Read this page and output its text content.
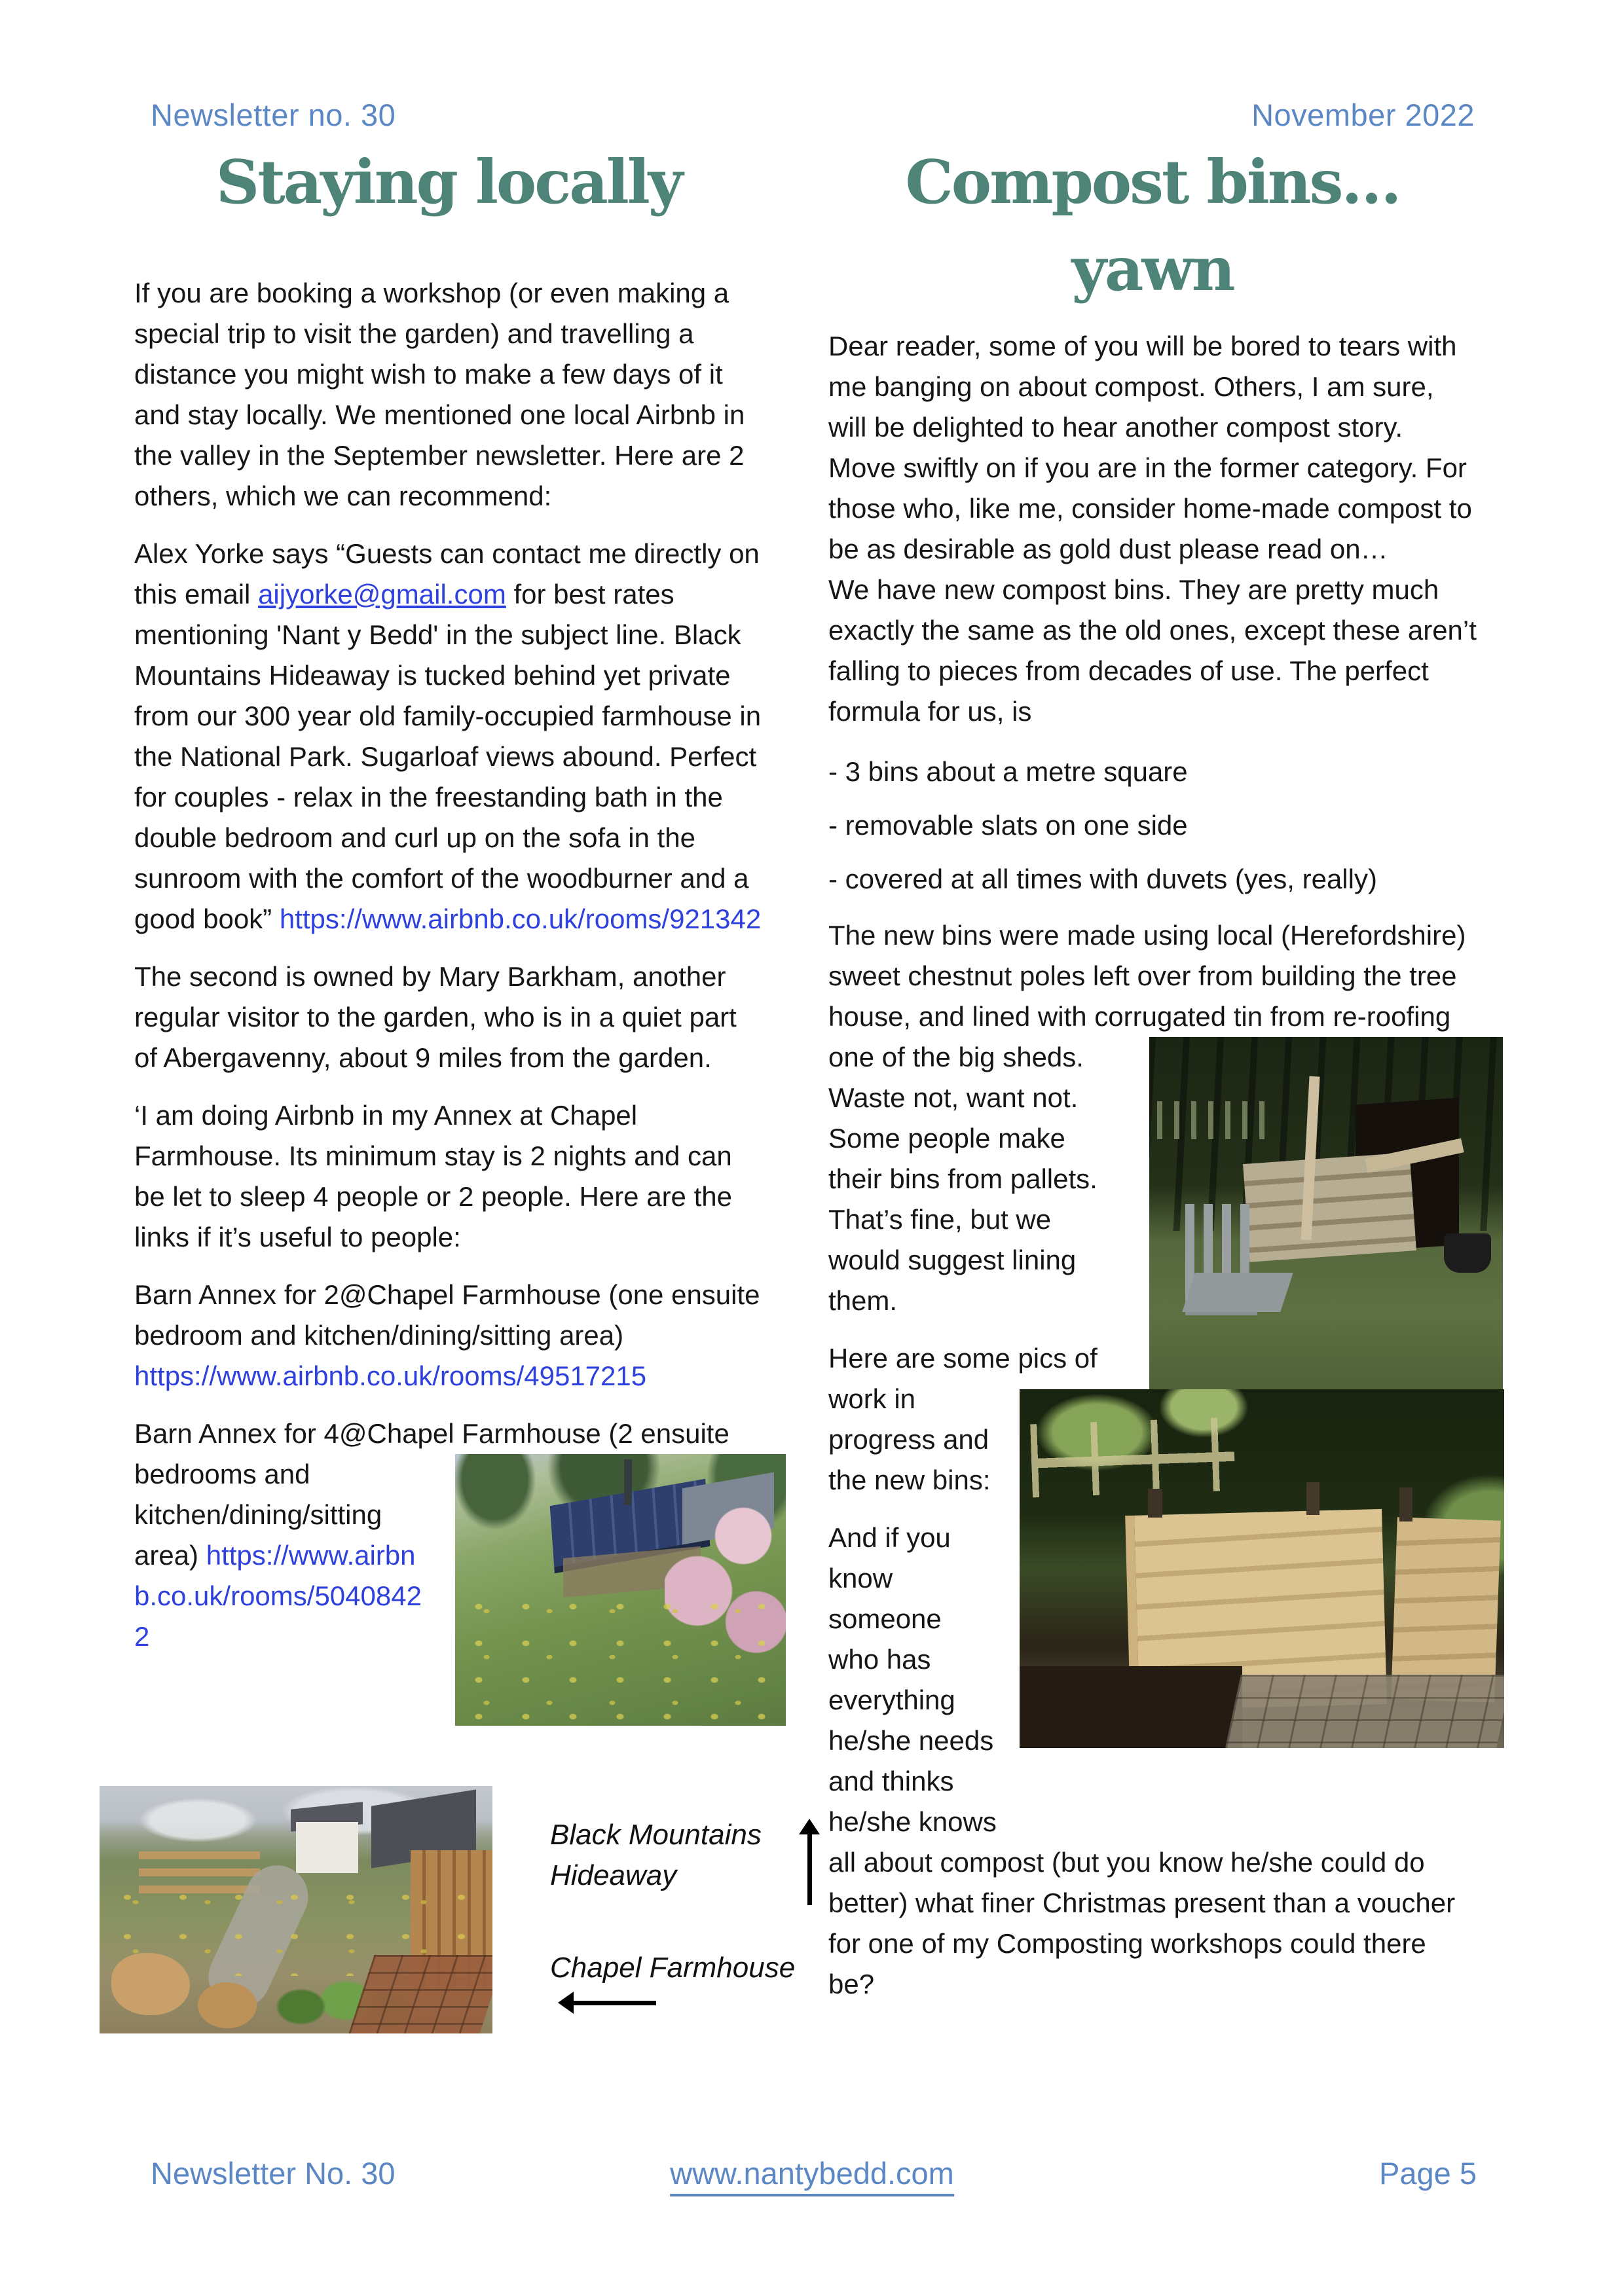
Newsletter no. 30	November 2022
Staying locally

If you are booking a workshop (or even making a special trip to visit the garden) and travelling a distance you might wish to make a few days of it and stay locally. We mentioned one local Airbnb in the valley in the September newsletter. Here are 2 others, which we can recommend:

Alex Yorke says “Guests can contact me directly on this email aijyorke@gmail.com for best rates mentioning 'Nant y Bedd' in the subject line. Black Mountains Hideaway is tucked behind yet private from our 300 year old family-occupied farmhouse in the National Park. Sugarloaf views abound. Perfect for couples - relax in the freestanding bath in the double bedroom and curl up on the sofa in the sunroom with the comfort of the woodburner and a good book” https://www.airbnb.co.uk/rooms/921342

The second is owned by Mary Barkham, another regular visitor to the garden, who is in a quiet part of Abergavenny, about 9 miles from the garden.

‘I am doing Airbnb in my Annex at Chapel Farmhouse. Its minimum stay is 2 nights and can be let to sleep 4 people or 2 people. Here are the links if it’s useful to people:

Barn Annex for 2@Chapel Farmhouse (one ensuite bedroom and kitchen/dining/sitting area) https://www.airbnb.co.uk/rooms/49517215

Barn Annex for 4@Chapel Farmhouse (2 ensuite bedrooms and
kitchen/dining/sitting area) https://www.airbnb.co.uk/rooms/50408422

Compost bins…
yawn

Dear reader, some of you will be bored to tears with me banging on about compost. Others, I am sure, will be delighted to hear another compost story. Move swiftly on if you are in the former category. For those who, like me, consider home-made compost to be as desirable as gold dust please read on…

We have new compost bins. They are pretty much exactly the same as the old ones, except these aren’t falling to pieces from decades of use. The perfect formula for us, is

- 3 bins about a metre square

- removable slats on one side

- covered at all times with duvets (yes, really)

The new bins were made using local (Herefordshire) sweet chestnut poles left over from building the tree house, and lined with corrugated tin from re-roofing one of the big sheds.
Waste not, want not. Some people make their bins from pallets. That’s fine, but we would suggest lining them.

Here are some pics of work in progress and the new bins:

And if you know someone who has everything he/she needs and thinks he/she knows all about compost (but you know he/she could do better) what finer Christmas present than a voucher for one of my Composting workshops could there be?

Black Mountains Hideaway
Chapel Farmhouse
Newsletter No. 30	www.nantybedd.com	Page 5
